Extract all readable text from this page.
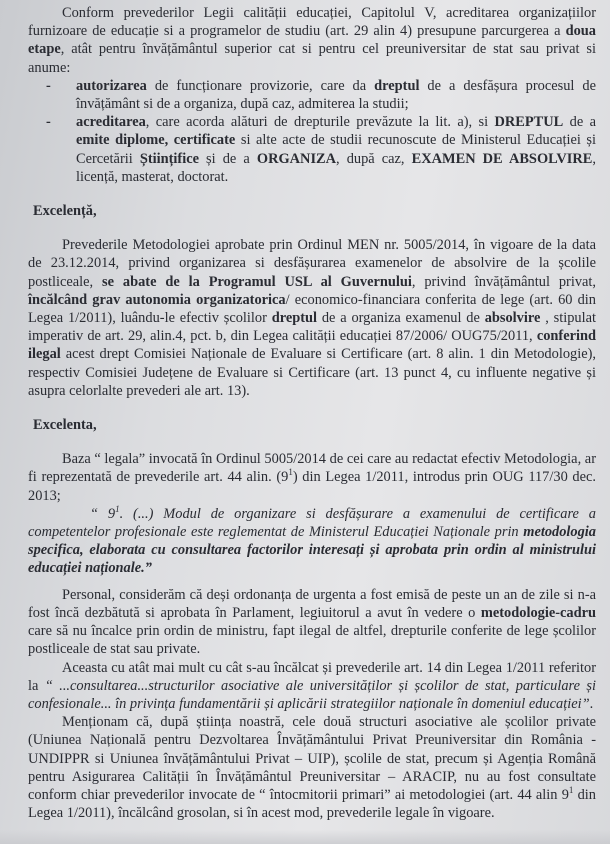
Conform prevederilor Legii calității educației, Capitolul V, acreditarea organizațiilor furnizoare de educație si a programelor de studiu (art. 29 alin 4) presupune parcurgerea a doua etape, atât pentru învățământul superior cat si pentru cel preuniversitar de stat sau privat si anume:

- autorizarea de funcționare provizorie, care da dreptul de a desfășura procesul de învățământ si de a organiza, după caz, admiterea la studii;
- acreditarea, care acorda alături de drepturile prevăzute la lit. a), si DREPTUL de a emite diplome, certificate si alte acte de studii recunoscute de Ministerul Educației și Cercetării Științifice și de a ORGANIZA, după caz, EXAMEN DE ABSOLVIRE, licență, masterat, doctorat.

Excelență,

Prevederile Metodologiei aprobate prin Ordinul MEN nr. 5005/2014, în vigoare de la data de 23.12.2014, privind organizarea si desfășurarea examenelor de absolvire de la școlile postliceale, se abate de la Programul USL al Guvernului, privind învățământul privat, încălcând grav autonomia organizatorica/ economico-financiara conferita de lege (art. 60 din Legea 1/2011), luându-le efectiv școlilor dreptul de a organiza examenul de absolvire , stipulat imperativ de art. 29, alin.4, pct. b, din Legea calității educației 87/2006/ OUG75/2011, conferind ilegal acest drept Comisiei Naționale de Evaluare si Certificare (art. 8 alin. 1 din Metodologie), respectiv Comisiei Județene de Evaluare si Certificare (art. 13 punct 4, cu influente negative și asupra celorlalte prevederi ale art. 13).

Excelenta,

Baza “ legala” invocată în Ordinul 5005/2014 de cei care au redactat efectiv Metodologia, ar fi reprezentată de prevederile art. 44 alin. $(9^1)$ din Legea 1/2011, introdus prin OUG 117/30 dec. 2013;

“ $9^1$. (...) Modul de organizare si desfășurare a examenului de certificare a competentelor profesionale este reglementat de Ministerul Educației Naționale prin metodologia specifica, elaborata cu consultarea factorilor interesați și aprobata prin ordin al ministrului educației naționale.”

Personal, considerăm că deși ordonanța de urgenta a fost emisă de peste un an de zile si n-a fost încă dezbătută si aprobata în Parlament, legiuitorul a avut în vedere o metodologie-cadru care să nu încalce prin ordin de ministru, fapt ilegal de altfel, drepturile conferite de lege școlilor postliceale de stat sau private.

Aceasta cu atât mai mult cu cât s-au încălcat și prevederile art. 14 din Legea 1/2011 referitor la “ ...consultarea...structurilor asociative ale universităților și școlilor de stat, particulare și confesionale... în privința fundamentării și aplicării strategiilor naționale în domeniul educației”.

Menționam că, după știința noastră, cele două structuri asociative ale școlilor private (Uniunea Națională pentru Dezvoltarea Învățământului Privat Preuniversitar din România - UNDIPPR si Uniunea învățământului Privat – UIP), școlile de stat, precum și Agenția Română pentru Asigurarea Calității în Învățământul Preuniversitar – ARACIP, nu au fost consultate conform chiar prevederilor invocate de “ întocmitorii primari” ai metodologiei (art. 44 alin $9^1$ din Legea 1/2011), încălcând grosolan, si în acest mod, prevederile legale în vigoare.
